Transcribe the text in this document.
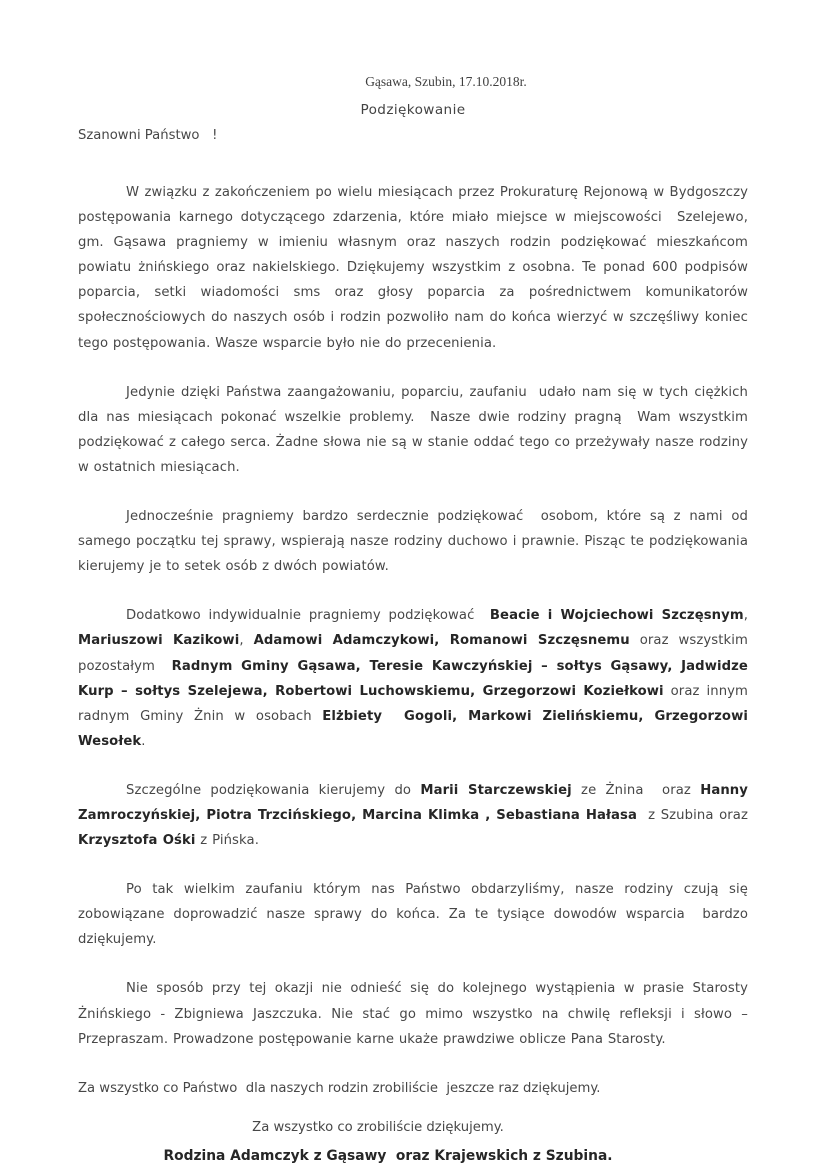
Gąsawa, Szubin, 17.10.2018r.
Podziękowanie
Szanowni Państwo   !

W związku z zakończeniem po wielu miesiącach przez Prokuraturę Rejonową w Bydgoszczy postępowania karnego dotyczącego zdarzenia, które miało miejsce w miejscowości  Szelejewo, gm. Gąsawa pragniemy w imieniu własnym oraz naszych rodzin podziękować mieszkańcom powiatu żnińskiego oraz nakielskiego. Dziękujemy wszystkim z osobna. Te ponad 600 podpisów poparcia, setki wiadomości sms oraz głosy poparcia za pośrednictwem komunikatorów społecznościowych do naszych osób i rodzin pozwoliło nam do końca wierzyć w szczęśliwy koniec tego postępowania. Wasze wsparcie było nie do przecenienia.

Jedynie dzięki Państwa zaangażowaniu, poparciu, zaufaniu  udało nam się w tych ciężkich dla nas miesiącach pokonać wszelkie problemy.  Nasze dwie rodziny pragną  Wam wszystkim podziękować z całego serca. Żadne słowa nie są w stanie oddać tego co przeżywały nasze rodziny w ostatnich miesiącach.

Jednocześnie pragniemy bardzo serdecznie podziękować  osobom, które są z nami od samego początku tej sprawy, wspierają nasze rodziny duchowo i prawnie. Pisząc te podziękowania kierujemy je to setek osób z dwóch powiatów.

Dodatkowo indywidualnie pragniemy podziękować  Beacie i Wojciechowi Szczęsnym, Mariuszowi Kazikowi, Adamowi Adamczykowi, Romanowi Szczęsnemu oraz wszystkim pozostałym  Radnym Gminy Gąsawa, Teresie Kawczyńskiej – sołtys Gąsawy, Jadwidze Kurp – sołtys Szelejewa, Robertowi Luchowskiemu, Grzegorzowi Koziełkowi oraz innym radnym Gminy Żnin w osobach Elżbiety  Gogoli, Markowi Zielińskiemu, Grzegorzowi Wesołek.

Szczególne podziękowania kierujemy do Marii Starczewskiej ze Żnina  oraz Hanny Zamroczyńskiej, Piotra Trzcińskiego, Marcina Klimka , Sebastiana Hałasa  z Szubina oraz Krzysztofa Ośki z Pińska.

Po tak wielkim zaufaniu którym nas Państwo obdarzyliśmy, nasze rodziny czują się zobowiązane doprowadzić nasze sprawy do końca. Za te tysiące dowodów wsparcia  bardzo dziękujemy.

Nie sposób przy tej okazji nie odnieść się do kolejnego wystąpienia w prasie Starosty Żnińskiego - Zbigniewa Jaszczuka. Nie stać go mimo wszystko na chwilę refleksji i słowo – Przepraszam. Prowadzone postępowanie karne ukaże prawdziwe oblicze Pana Starosty.

Za wszystko co Państwo  dla naszych rodzin zrobiliście  jeszcze raz dziękujemy.

Za wszystko co zrobiliście dziękujemy.

Rodzina Adamczyk z Gąsawy  oraz Krajewskich z Szubina.
